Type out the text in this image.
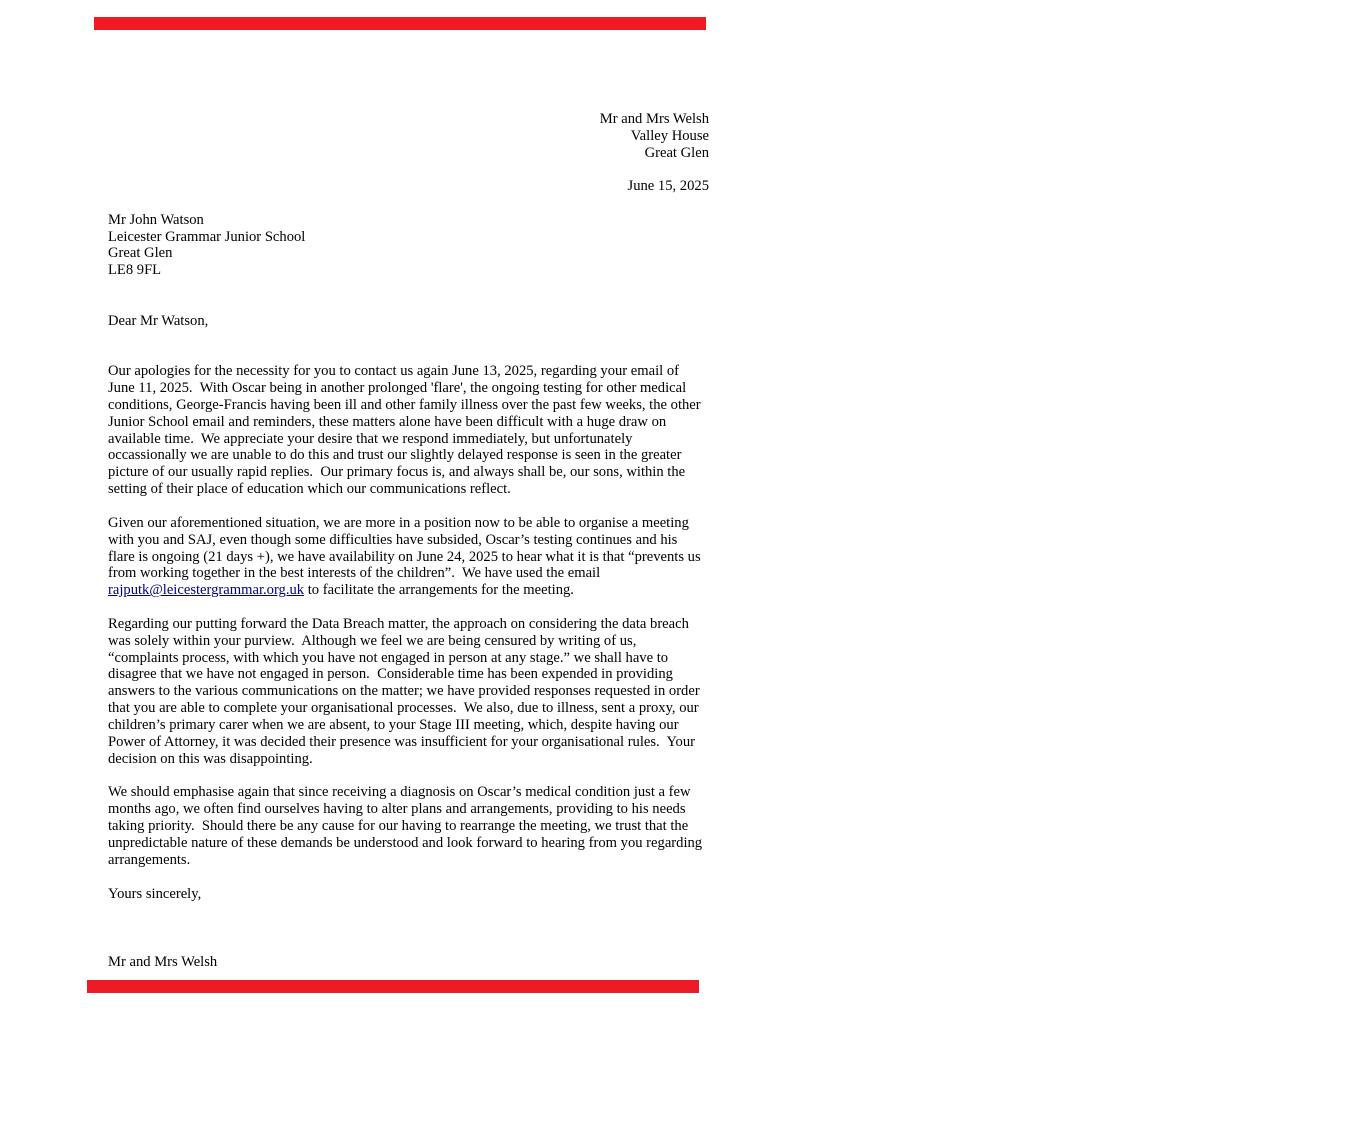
Mr and Mrs Welsh
Valley House
Great Glen
June 15, 2025
Mr John Watson
Leicester Grammar Junior School
Great Glen
LE8 9FL
Dear Mr Watson,

Our apologies for the necessity for you to contact us again June 13, 2025, regarding your email of
June 11, 2025.  With Oscar being in another prolonged 'flare', the ongoing testing for other medical
conditions, George-Francis having been ill and other family illness over the past few weeks, the other
Junior School email and reminders, these matters alone have been difficult with a huge draw on
available time.  We appreciate your desire that we respond immediately, but unfortunately
occassionally we are unable to do this and trust our slightly delayed response is seen in the greater
picture of our usually rapid replies.  Our primary focus is, and always shall be, our sons, within the
setting of their place of education which our communications reflect.

Given our aforementioned situation, we are more in a position now to be able to organise a meeting
with you and SAJ, even though some difficulties have subsided, Oscar’s testing continues and his
flare is ongoing (21 days +), we have availability on June 24, 2025 to hear what it is that “prevents us
from working together in the best interests of the children”.  We have used the email
rajputk@leicestergrammar.org.uk to facilitate the arrangements for the meeting.

Regarding our putting forward the Data Breach matter, the approach on considering the data breach
was solely within your purview.  Although we feel we are being censured by writing of us,
“complaints process, with which you have not engaged in person at any stage.” we shall have to
disagree that we have not engaged in person.  Considerable time has been expended in providing
answers to the various communications on the matter; we have provided responses requested in order
that you are able to complete your organisational processes.  We also, due to illness, sent a proxy, our
children’s primary carer when we are absent, to your Stage III meeting, which, despite having our
Power of Attorney, it was decided their presence was insufficient for your organisational rules.  Your
decision on this was disappointing.

We should emphasise again that since receiving a diagnosis on Oscar’s medical condition just a few
months ago, we often find ourselves having to alter plans and arrangements, providing to his needs
taking priority.  Should there be any cause for our having to rearrange the meeting, we trust that the
unpredictable nature of these demands be understood and look forward to hearing from you regarding
arrangements.

Yours sincerely,
Mr and Mrs Welsh
